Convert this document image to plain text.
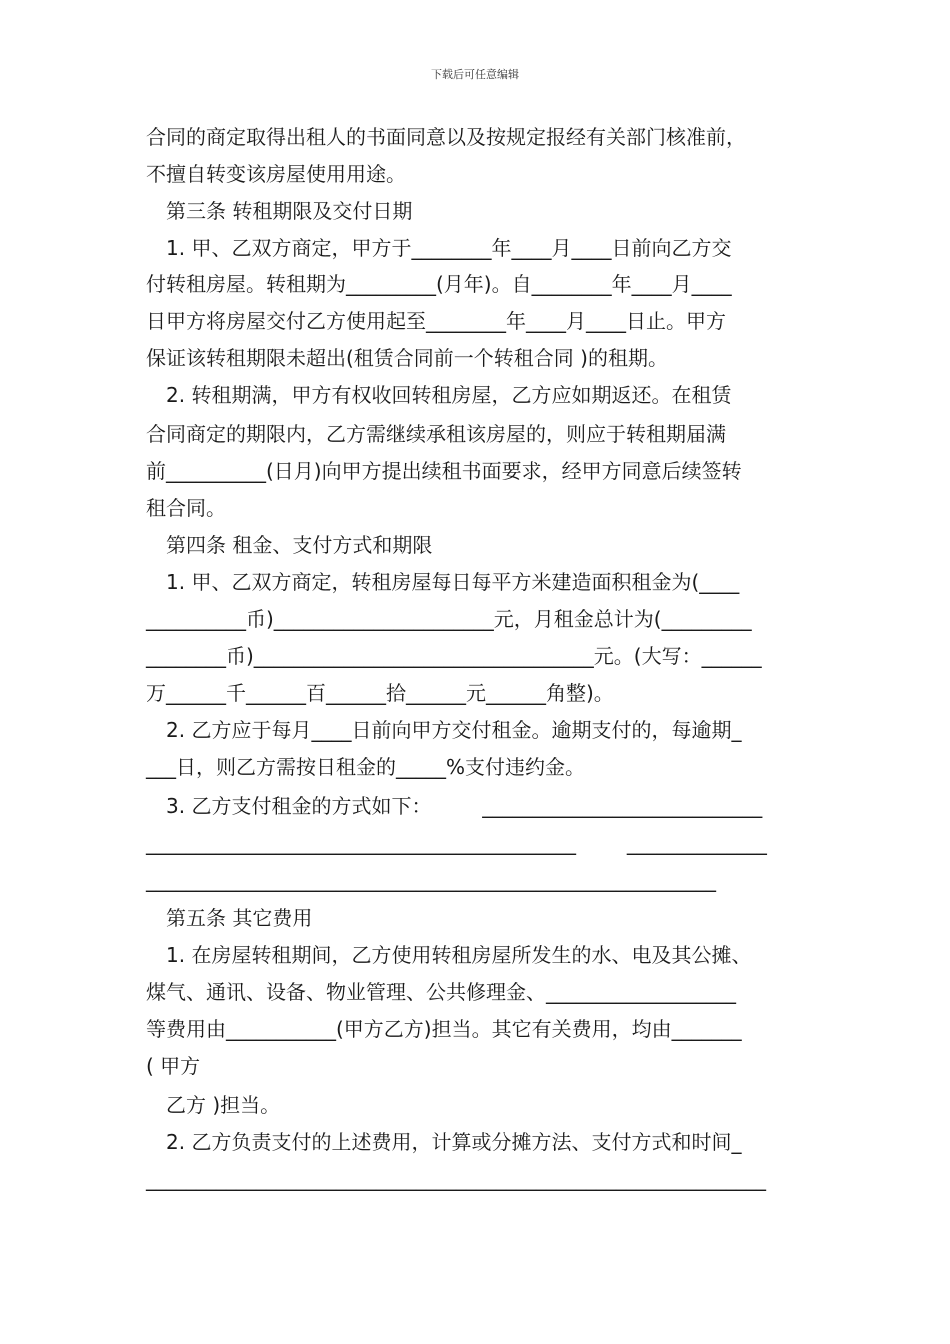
下载后可任意编辑
合同的商定取得出租人的书面同意以及按规定报经有关部门核准前，
不擅自转变该房屋使用用途。
第三条 转租期限及交付日期
1. 甲、乙双方商定，甲方于________年____月____日前向乙方交
付转租房屋。转租期为_________(月年)。自________年____月____
日甲方将房屋交付乙方使用起至________年____月____日止。甲方
保证该转租期限未超出(租赁合同前一个转租合同 )的租期。
2. 转租期满，甲方有权收回转租房屋，乙方应如期返还。在租赁
合同商定的期限内，乙方需继续承租该房屋的，则应于转租期届满
前__________(日月)向甲方提出续租书面要求，经甲方同意后续签转
租合同。
第四条 租金、支付方式和期限
1. 甲、乙双方商定，转租房屋每日每平方米建造面积租金为(____
__________币)______________________元，月租金总计为(_________
________币)__________________________________元。(大写：______
万______千______百______拾______元______角整)。
2. 乙方应于每月____日前向甲方交付租金。逾期支付的，每逾期_
___日，则乙方需按日租金的_____%支付违约金。
3. 乙方支付租金的方式如下：        ____________________________
___________________________________________        ______________
_________________________________________________________
第五条 其它费用
1. 在房屋转租期间，乙方使用转租房屋所发生的水、电及其公摊、
煤气、通讯、设备、物业管理、公共修理金、___________________
等费用由___________(甲方乙方)担当。其它有关费用，均由_______
( 甲方
乙方 )担当。
2. 乙方负责支付的上述费用，计算或分摊方法、支付方式和时间_
______________________________________________________________
